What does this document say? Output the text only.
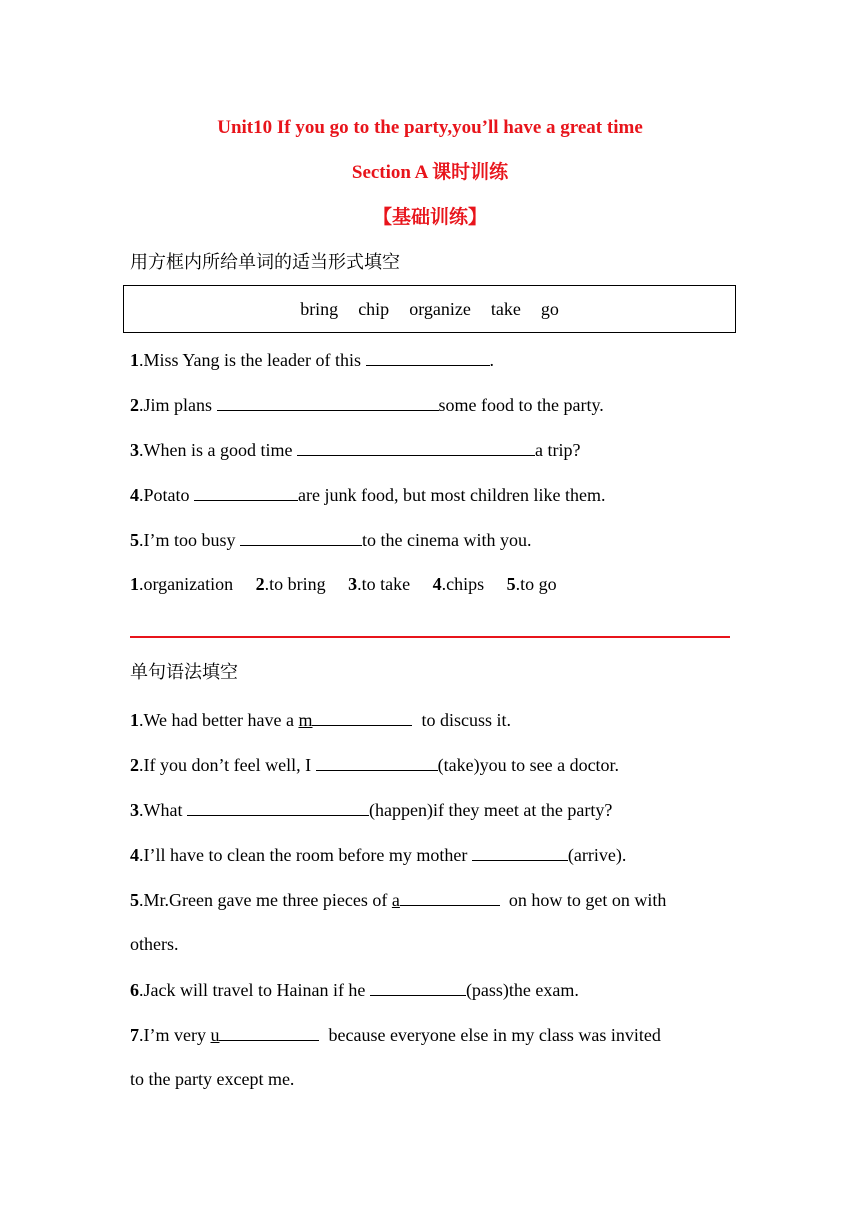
Unit10 If you go to the party,you’ll have a great time
Section A 课时训练
【基础训练】
用方框内所给单词的适当形式填空
bring chip organize take go
1.Miss Yang is the leader of this	.
2.Jim plans	some food to the party.
3.When is a good time	a trip?
4.Potato	are junk food, but most children like them.
5.I’m too busy	to the cinema with you.
1.organization 2.to bring 3.to take 4.chips 5.to go
单句语法填空
1.We had better have a m	to discuss it.
2.If you don’t feel well, I	(take)you to see a doctor.
3.What	(happen)if they meet at the party?
4.I’ll have to clean the room before my mother	(arrive).
5.Mr.Green gave me three pieces of a	on how to get on with
others.
6.Jack will travel to Hainan if he	(pass)the exam.
7.I’m very u	because everyone else in my class was invited
to the party except me.
